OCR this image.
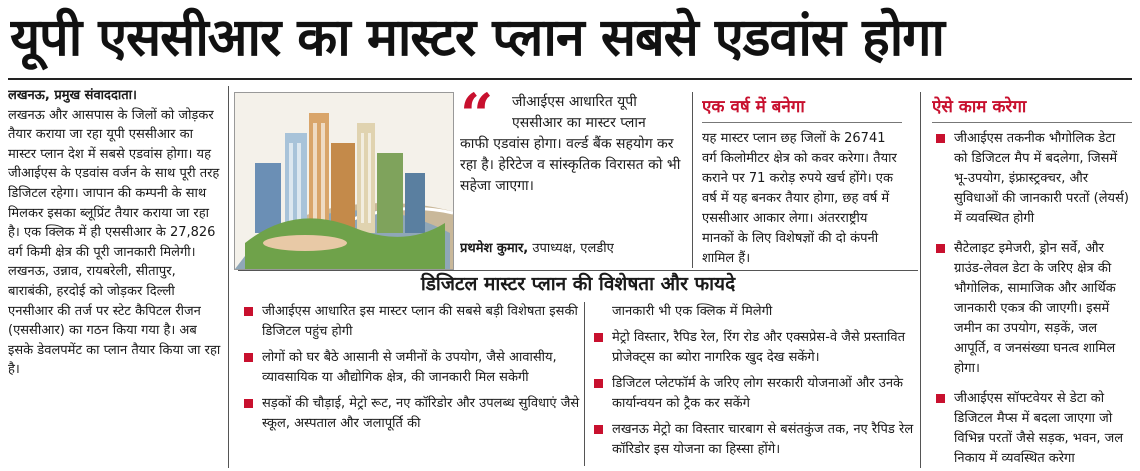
यूपी एससीआर का मास्टर प्लान सबसे एडवांस होगा
लखनऊ, प्रमुख संवाददाता।
लखनऊ और आसपास के जिलों को जोड़कर तैयार कराया जा रहा यूपी एससीआर का मास्टर प्लान देश में सबसे एडवांस होगा। यह जीआईएस के एडवांस वर्जन के साथ पूरी तरह डिजिटल रहेगा। जापान की कम्पनी के साथ मिलकर इसका ब्लूप्रिंट तैयार कराया जा रहा है। एक क्लिक में ही एससीआर के 27,826 वर्ग किमी क्षेत्र की पूरी जानकारी मिलेगी। लखनऊ, उन्नाव, रायबरेली, सीतापुर, बाराबंकी, हरदोई को जोड़कर दिल्ली एनसीआर की तर्ज पर स्टेट कैपिटल रीजन (एससीआर) का गठन किया गया है। अब इसके डेवलपमेंट का प्लान तैयार किया जा रहा है।
“ जीआईएस आधारित यूपी एससीआर का मास्टर प्लान
काफी एडवांस होगा। वर्ल्ड बैंक सहयोग कर रहा है। हेरिटेज व सांस्कृतिक विरासत को भी सहेजा जाएगा।
प्रथमेश कुमार, उपाध्यक्ष, एलडीए
एक वर्ष में बनेगा
यह मास्टर प्लान छह जिलों के 26741 वर्ग किलोमीटर क्षेत्र को कवर करेगा। तैयार कराने पर 71 करोड़ रुपये खर्च होंगे। एक वर्ष में यह बनकर तैयार होगा, छह वर्ष में एससीआर आकार लेगा। अंतरराष्ट्रीय मानकों के लिए विशेषज्ञों की दो कंपनी शामिल हैं।
ऐसे काम करेगा
जीआईएस तकनीक भौगोलिक डेटा को डिजिटल मैप में बदलेगा, जिसमें भू-उपयोग, इंफ्रास्ट्रक्चर, और सुविधाओं की जानकारी परतों (लेयर्स) में व्यवस्थित होगी
सैटेलाइट इमेजरी, ड्रोन सर्वे, और ग्राउंड-लेवल डेटा के जरिए क्षेत्र की भौगोलिक, सामाजिक और आर्थिक जानकारी एकत्र की जाएगी। इसमें जमीन का उपयोग, सड़कें, जल आपूर्ति, व जनसंख्या घनत्व शामिल होगा।
जीआईएस सॉफ्टवेयर से डेटा को डिजिटल मैप्स में बदला जाएगा जो विभिन्न परतों जैसे सड़क, भवन, जल निकाय में व्यवस्थित करेगा
डिजिटल मास्टर प्लान की विशेषता और फायदे
जीआईएस आधारित इस मास्टर प्लान की सबसे बड़ी विशेषता इसकी डिजिटल पहुंच होगी
लोगों को घर बैठे आसानी से जमीनों के उपयोग, जैसे आवासीय, व्यावसायिक या औद्योगिक क्षेत्र, की जानकारी मिल सकेगी
सड़कों की चौड़ाई, मेट्रो रूट, नए कॉरिडोर और उपलब्ध सुविधाएं जैसे स्कूल, अस्पताल और जलापूर्ति की
जानकारी भी एक क्लिक में मिलेगी
मेट्रो विस्तार, रैपिड रेल, रिंग रोड और एक्सप्रेस-वे जैसे प्रस्तावित प्रोजेक्ट्स का ब्योरा नागरिक खुद देख सकेंगे।
डिजिटल प्लेटफॉर्म के जरिए लोग सरकारी योजनाओं और उनके कार्यान्वयन को ट्रैक कर सकेंगे
लखनऊ मेट्रो का विस्तार चारबाग से बसंतकुंज तक, नए रैपिड रेल कॉरिडोर इस योजना का हिस्सा होंगे।
